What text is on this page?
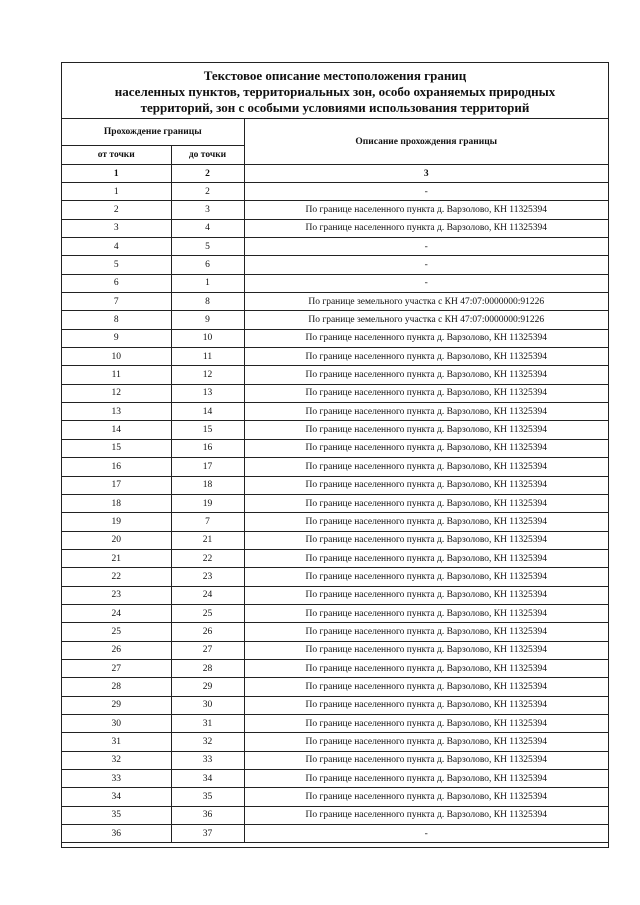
Текстовое описание местоположения границ
населенных пунктов, территориальных зон, особо охраняемых природных
территорий, зон с особыми условиями использования территорий
Прохождение границы		Описание прохождения границы
от точки	до точки	
1	2	3
1	2	-
2	3	По границе населенного пункта д. Варзолово, КН 11325394
3	4	По границе населенного пункта д. Варзолово, КН 11325394
4	5	-
5	6	-
6	1	-
7	8	По границе земельного участка с КН 47:07:0000000:91226
8	9	По границе земельного участка с КН 47:07:0000000:91226
9	10	По границе населенного пункта д. Варзолово, КН 11325394
10	11	По границе населенного пункта д. Варзолово, КН 11325394
11	12	По границе населенного пункта д. Варзолово, КН 11325394
12	13	По границе населенного пункта д. Варзолово, КН 11325394
13	14	По границе населенного пункта д. Варзолово, КН 11325394
14	15	По границе населенного пункта д. Варзолово, КН 11325394
15	16	По границе населенного пункта д. Варзолово, КН 11325394
16	17	По границе населенного пункта д. Варзолово, КН 11325394
17	18	По границе населенного пункта д. Варзолово, КН 11325394
18	19	По границе населенного пункта д. Варзолово, КН 11325394
19	7	По границе населенного пункта д. Варзолово, КН 11325394
20	21	По границе населенного пункта д. Варзолово, КН 11325394
21	22	По границе населенного пункта д. Варзолово, КН 11325394
22	23	По границе населенного пункта д. Варзолово, КН 11325394
23	24	По границе населенного пункта д. Варзолово, КН 11325394
24	25	По границе населенного пункта д. Варзолово, КН 11325394
25	26	По границе населенного пункта д. Варзолово, КН 11325394
26	27	По границе населенного пункта д. Варзолово, КН 11325394
27	28	По границе населенного пункта д. Варзолово, КН 11325394
28	29	По границе населенного пункта д. Варзолово, КН 11325394
29	30	По границе населенного пункта д. Варзолово, КН 11325394
30	31	По границе населенного пункта д. Варзолово, КН 11325394
31	32	По границе населенного пункта д. Варзолово, КН 11325394
32	33	По границе населенного пункта д. Варзолово, КН 11325394
33	34	По границе населенного пункта д. Варзолово, КН 11325394
34	35	По границе населенного пункта д. Варзолово, КН 11325394
35	36	По границе населенного пункта д. Варзолово, КН 11325394
36	37	-
